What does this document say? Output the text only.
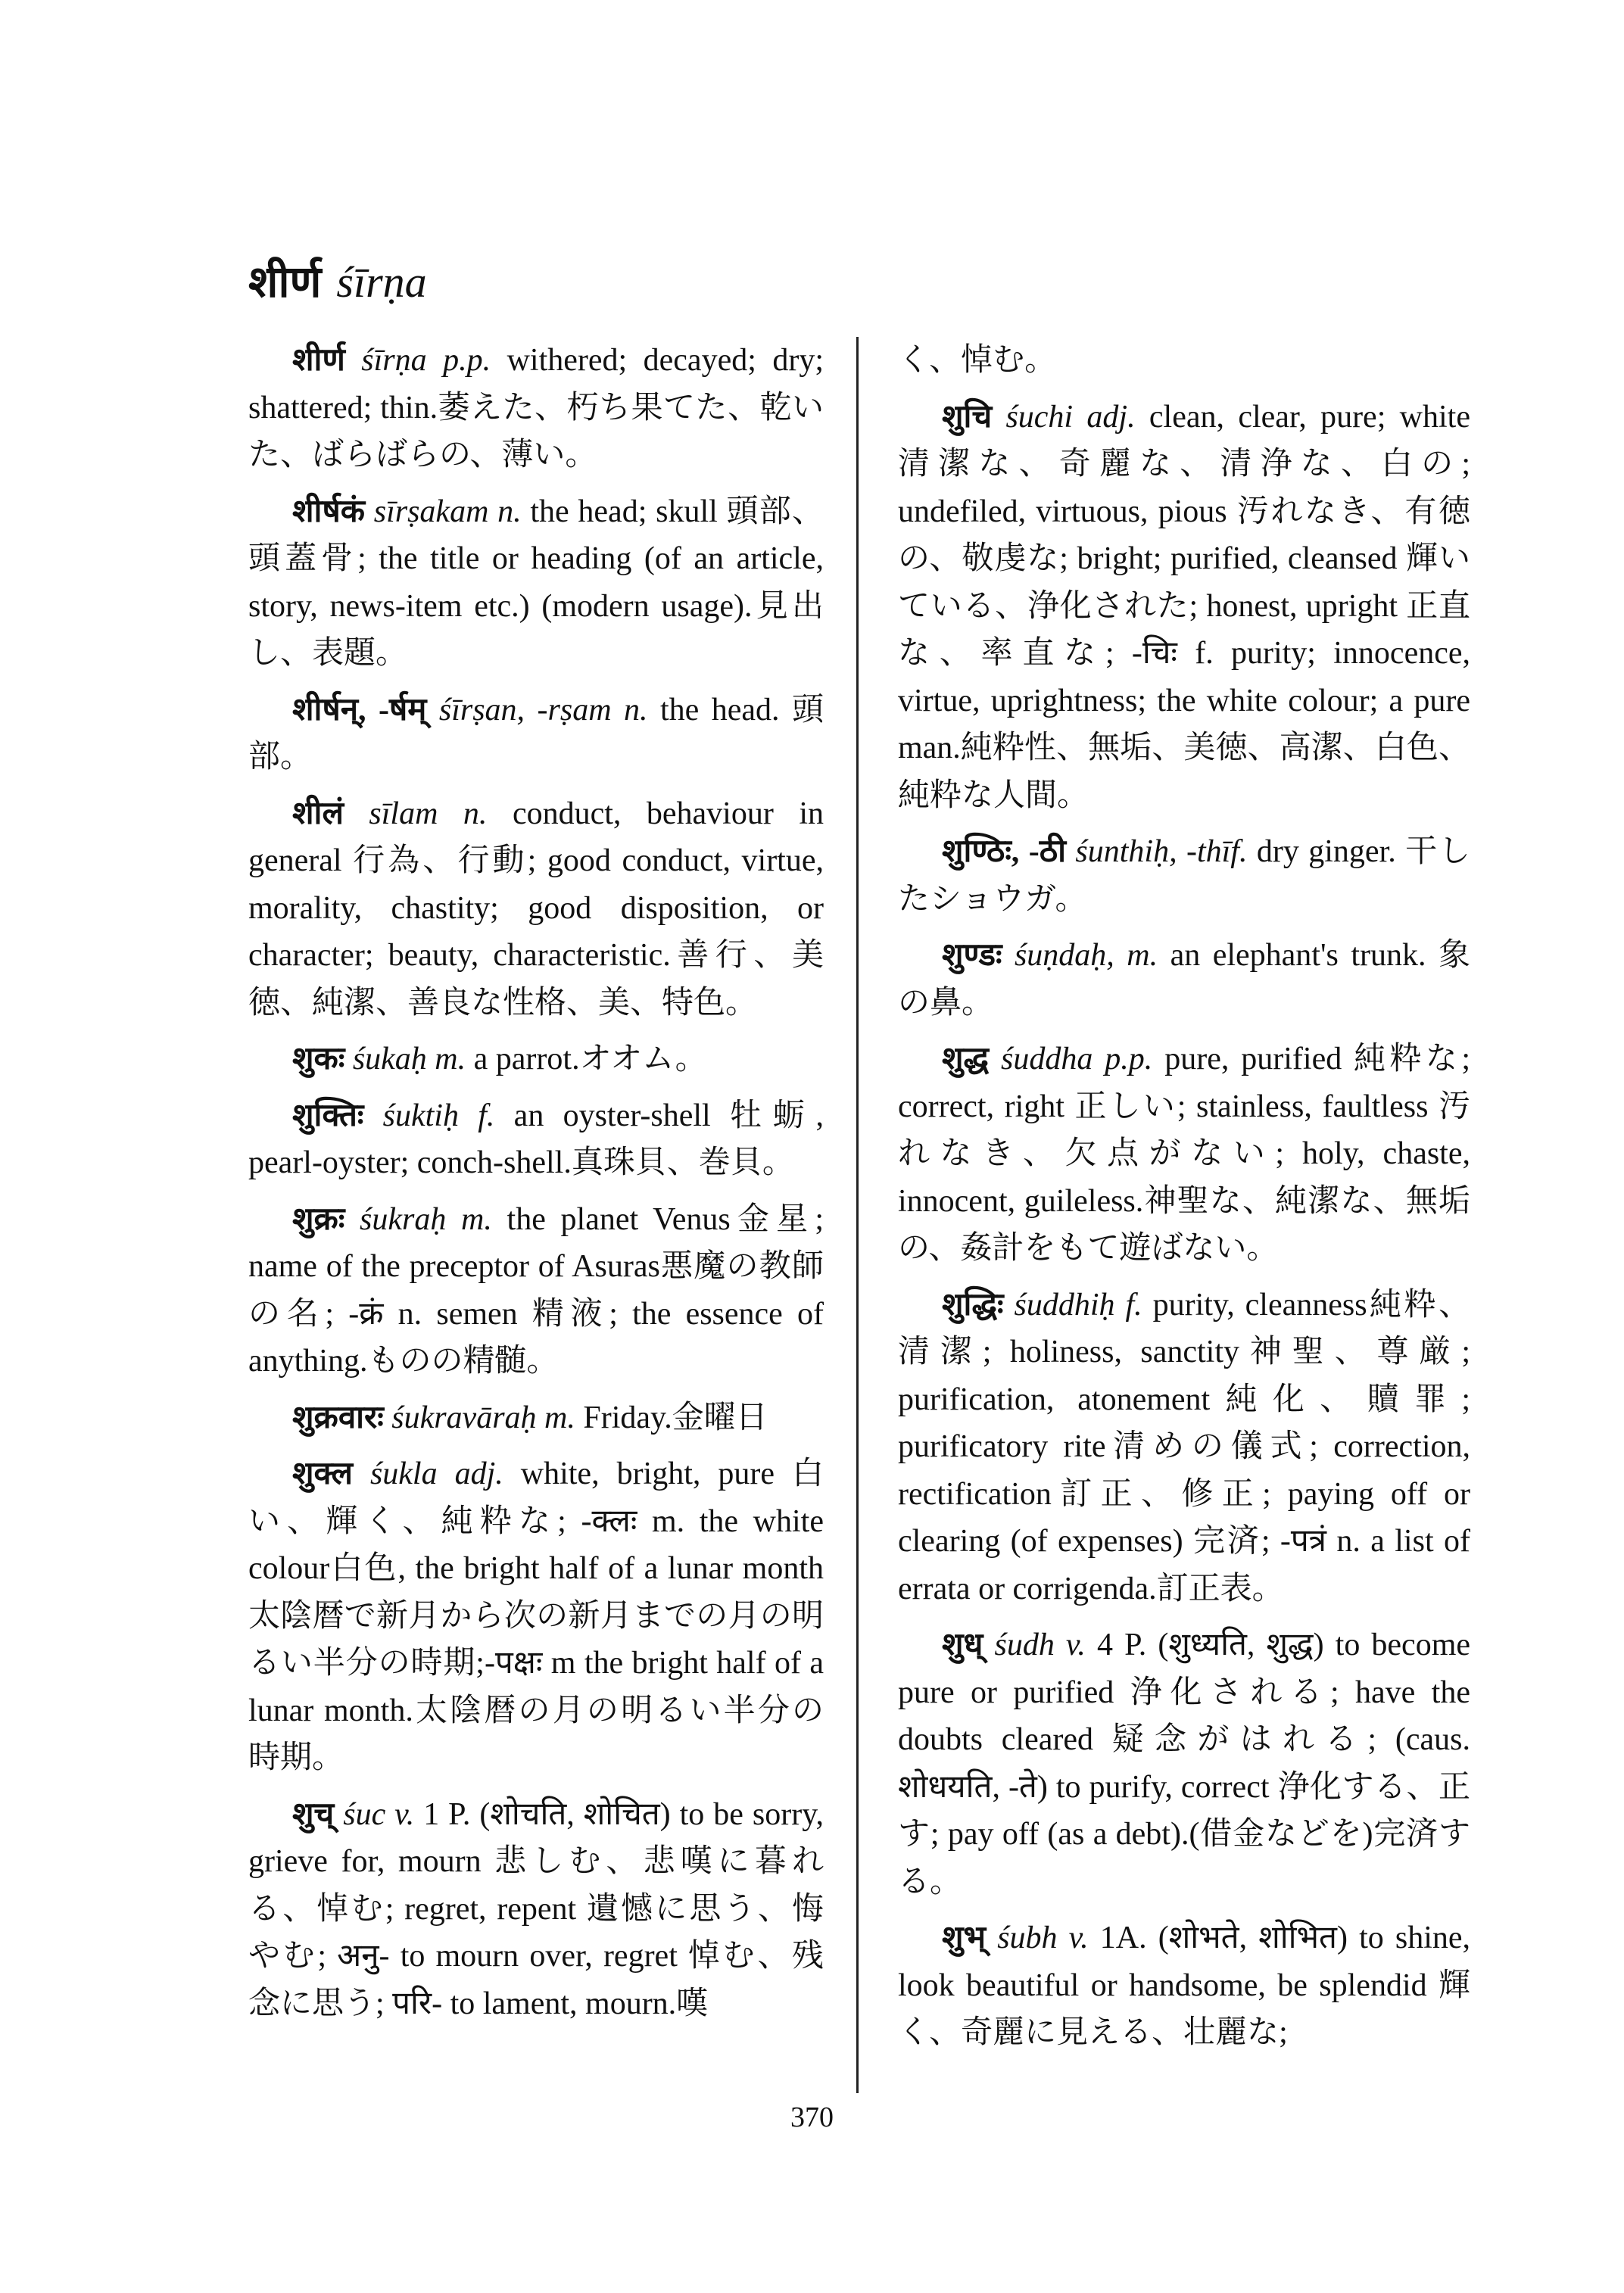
शीर्ण śīrṇa

शीर्ण śīrṇa p.p. withered; decayed; dry; shattered; thin.萎えた、朽ち果てた、乾いた、ばらばらの、薄い。

शीर्षकं sīrṣakam n. the head; skull 頭部、頭蓋骨; the title or heading (of an article, story, news-item etc.) (modern usage).見出し、表題。

शीर्षन्, -र्षम् śīrṣan, -rṣam n. the head. 頭部。

शीलं sīlam n. conduct, behaviour in general 行為、行動; good conduct, virtue, morality, chastity; good disposition, or character; beauty, characteristic.善行、美徳、純潔、善良な性格、美、特色。

शुकः śukaḥ m. a parrot.オオム。

शुक्तिः śuktiḥ f. an oyster-shell 牡蛎, pearl-oyster; conch-shell.真珠貝、巻貝。

शुक्रः śukraḥ m. the planet Venus金星; name of the preceptor of Asuras悪魔の教師の名; -क्रं n. semen 精液; the essence of anything.ものの精髄。

शुक्रवारः śukravāraḥ m. Friday.金曜日

शुक्ल śukla adj. white, bright, pure 白い、輝く、純粋な; -क्लः m. the white colour白色, the bright half of a lunar month太陰暦で新月から次の新月までの月の明るい半分の時期;-पक्षः m the bright half of a lunar month.太陰暦の月の明るい半分の時期。

शुच् śuc v. 1 P. (शोचति, शोचित) to be sorry, grieve for, mourn 悲しむ、悲嘆に暮れる、悼む; regret, repent 遺憾に思う、悔やむ; अनु- to mourn over, regret 悼む、残念に思う; परि- to lament, mourn.嘆

く、悼む。

शुचि śuchi adj. clean, clear, pure; white 清潔な、奇麗な、清浄な、白の; undefiled, virtuous, pious 汚れなき、有徳の、敬虔な; bright; purified, cleansed 輝いている、浄化された; honest, upright 正直な、率直な; -चिः f. purity; innocence, virtue, uprightness; the white colour; a pure man.純粋性、無垢、美徳、高潔、白色、純粋な人間。

शुण्ठिः, -ठी śunthiḥ, -thīf. dry ginger. 干したショウガ。

शुण्डः śuṇdaḥ, m. an elephant's trunk. 象の鼻。

शुद्ध śuddha p.p. pure, purified 純粋な; correct, right 正しい; stainless, faultless 汚れなき、欠点がない; holy, chaste, innocent, guileless.神聖な、純潔な、無垢の、姦計をもて遊ばない。

शुद्धिः śuddhiḥ f. purity, cleanness純粋、清潔; holiness, sanctity神聖、尊厳; purification, atonement純化、贖罪; purificatory rite清めの儀式; correction, rectification訂正、修正; paying off or clearing (of expenses) 完済; -पत्रं n. a list of errata or corrigenda.訂正表。

शुध् śudh v. 4 P. (शुध्यति, शुद्ध) to become pure or purified 浄化される; have the doubts cleared 疑念がはれる; (caus. शोधयति, -ते) to purify, correct 浄化する、正す; pay off (as a debt).(借金などを)完済する。

शुभ् śubh v. 1A. (शोभते, शोभित) to shine, look beautiful or handsome, be splendid 輝く、奇麗に見える、壮麗な;

370
